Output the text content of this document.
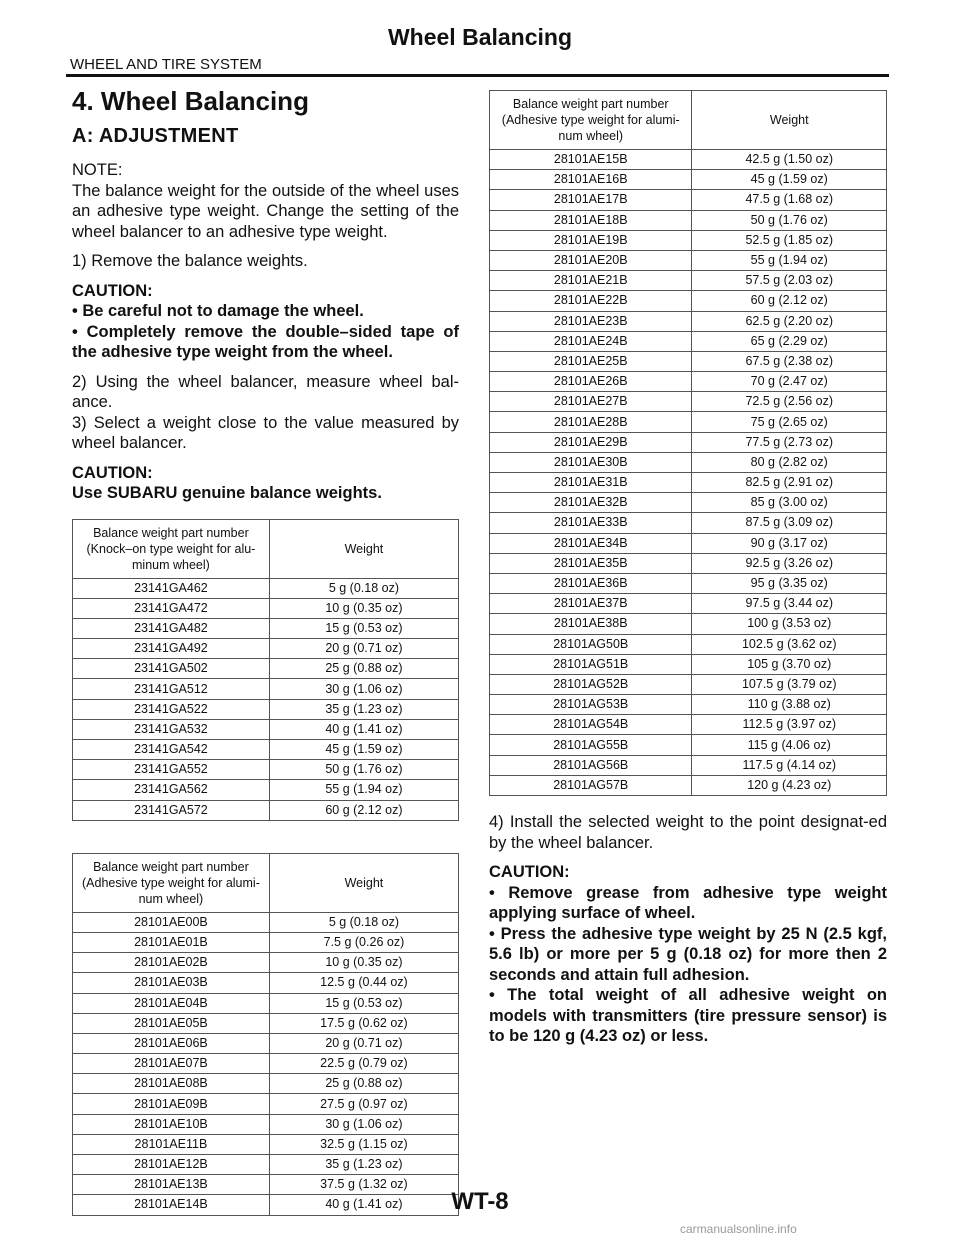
Wheel Balancing
WHEEL AND TIRE SYSTEM
4. Wheel Balancing
A: ADJUSTMENT

NOTE:

The balance weight for the outside of the wheel uses an adhesive type weight. Change the setting of the wheel balancer to an adhesive type weight.

1) Remove the balance weights.

CAUTION:

• Be careful not to damage the wheel.

• Completely remove the double–sided tape of the adhesive type weight from the wheel.

2) Using the wheel balancer, measure wheel bal-ance.

3) Select a weight close to the value measured by wheel balancer.

CAUTION:

Use SUBARU genuine balance weights.

Balance weight part number (Knock–on type weight for alu-minum wheel)	Weight
23141GA462	5 g (0.18 oz)
23141GA472	10 g (0.35 oz)
23141GA482	15 g (0.53 oz)
23141GA492	20 g (0.71 oz)
23141GA502	25 g (0.88 oz)
23141GA512	30 g (1.06 oz)
23141GA522	35 g (1.23 oz)
23141GA532	40 g (1.41 oz)
23141GA542	45 g (1.59 oz)
23141GA552	50 g (1.76 oz)
23141GA562	55 g (1.94 oz)
23141GA572	60 g (2.12 oz)
Balance weight part number (Adhesive type weight for alumi-num wheel)	Weight
28101AE00B	5 g (0.18 oz)
28101AE01B	7.5 g (0.26 oz)
28101AE02B	10 g (0.35 oz)
28101AE03B	12.5 g (0.44 oz)
28101AE04B	15 g (0.53 oz)
28101AE05B	17.5 g (0.62 oz)
28101AE06B	20 g (0.71 oz)
28101AE07B	22.5 g (0.79 oz)
28101AE08B	25 g (0.88 oz)
28101AE09B	27.5 g (0.97 oz)
28101AE10B	30 g (1.06 oz)
28101AE11B	32.5 g (1.15 oz)
28101AE12B	35 g (1.23 oz)
28101AE13B	37.5 g (1.32 oz)
28101AE14B	40 g (1.41 oz)
Balance weight part number (Adhesive type weight for alumi-num wheel)	Weight
28101AE15B	42.5 g (1.50 oz)
28101AE16B	45 g (1.59 oz)
28101AE17B	47.5 g (1.68 oz)
28101AE18B	50 g (1.76 oz)
28101AE19B	52.5 g (1.85 oz)
28101AE20B	55 g (1.94 oz)
28101AE21B	57.5 g (2.03 oz)
28101AE22B	60 g (2.12 oz)
28101AE23B	62.5 g (2.20 oz)
28101AE24B	65 g (2.29 oz)
28101AE25B	67.5 g (2.38 oz)
28101AE26B	70 g (2.47 oz)
28101AE27B	72.5 g (2.56 oz)
28101AE28B	75 g (2.65 oz)
28101AE29B	77.5 g (2.73 oz)
28101AE30B	80 g (2.82 oz)
28101AE31B	82.5 g (2.91 oz)
28101AE32B	85 g (3.00 oz)
28101AE33B	87.5 g (3.09 oz)
28101AE34B	90 g (3.17 oz)
28101AE35B	92.5 g (3.26 oz)
28101AE36B	95 g (3.35 oz)
28101AE37B	97.5 g (3.44 oz)
28101AE38B	100 g (3.53 oz)
28101AG50B	102.5 g (3.62 oz)
28101AG51B	105 g (3.70 oz)
28101AG52B	107.5 g (3.79 oz)
28101AG53B	110 g (3.88 oz)
28101AG54B	112.5 g (3.97 oz)
28101AG55B	115 g (4.06 oz)
28101AG56B	117.5 g (4.14 oz)
28101AG57B	120 g (4.23 oz)

4) Install the selected weight to the point designat-ed by the wheel balancer.

CAUTION:

• Remove grease from adhesive type weight applying surface of wheel.

• Press the adhesive type weight by 25 N (2.5 kgf, 5.6 lb) or more per 5 g (0.18 oz) for more then 2 seconds and attain full adhesion.

• The total weight of all adhesive weight on models with transmitters (tire pressure sensor) is to be 120 g (4.23 oz) or less.

WT-8
carmanualsonline.info
